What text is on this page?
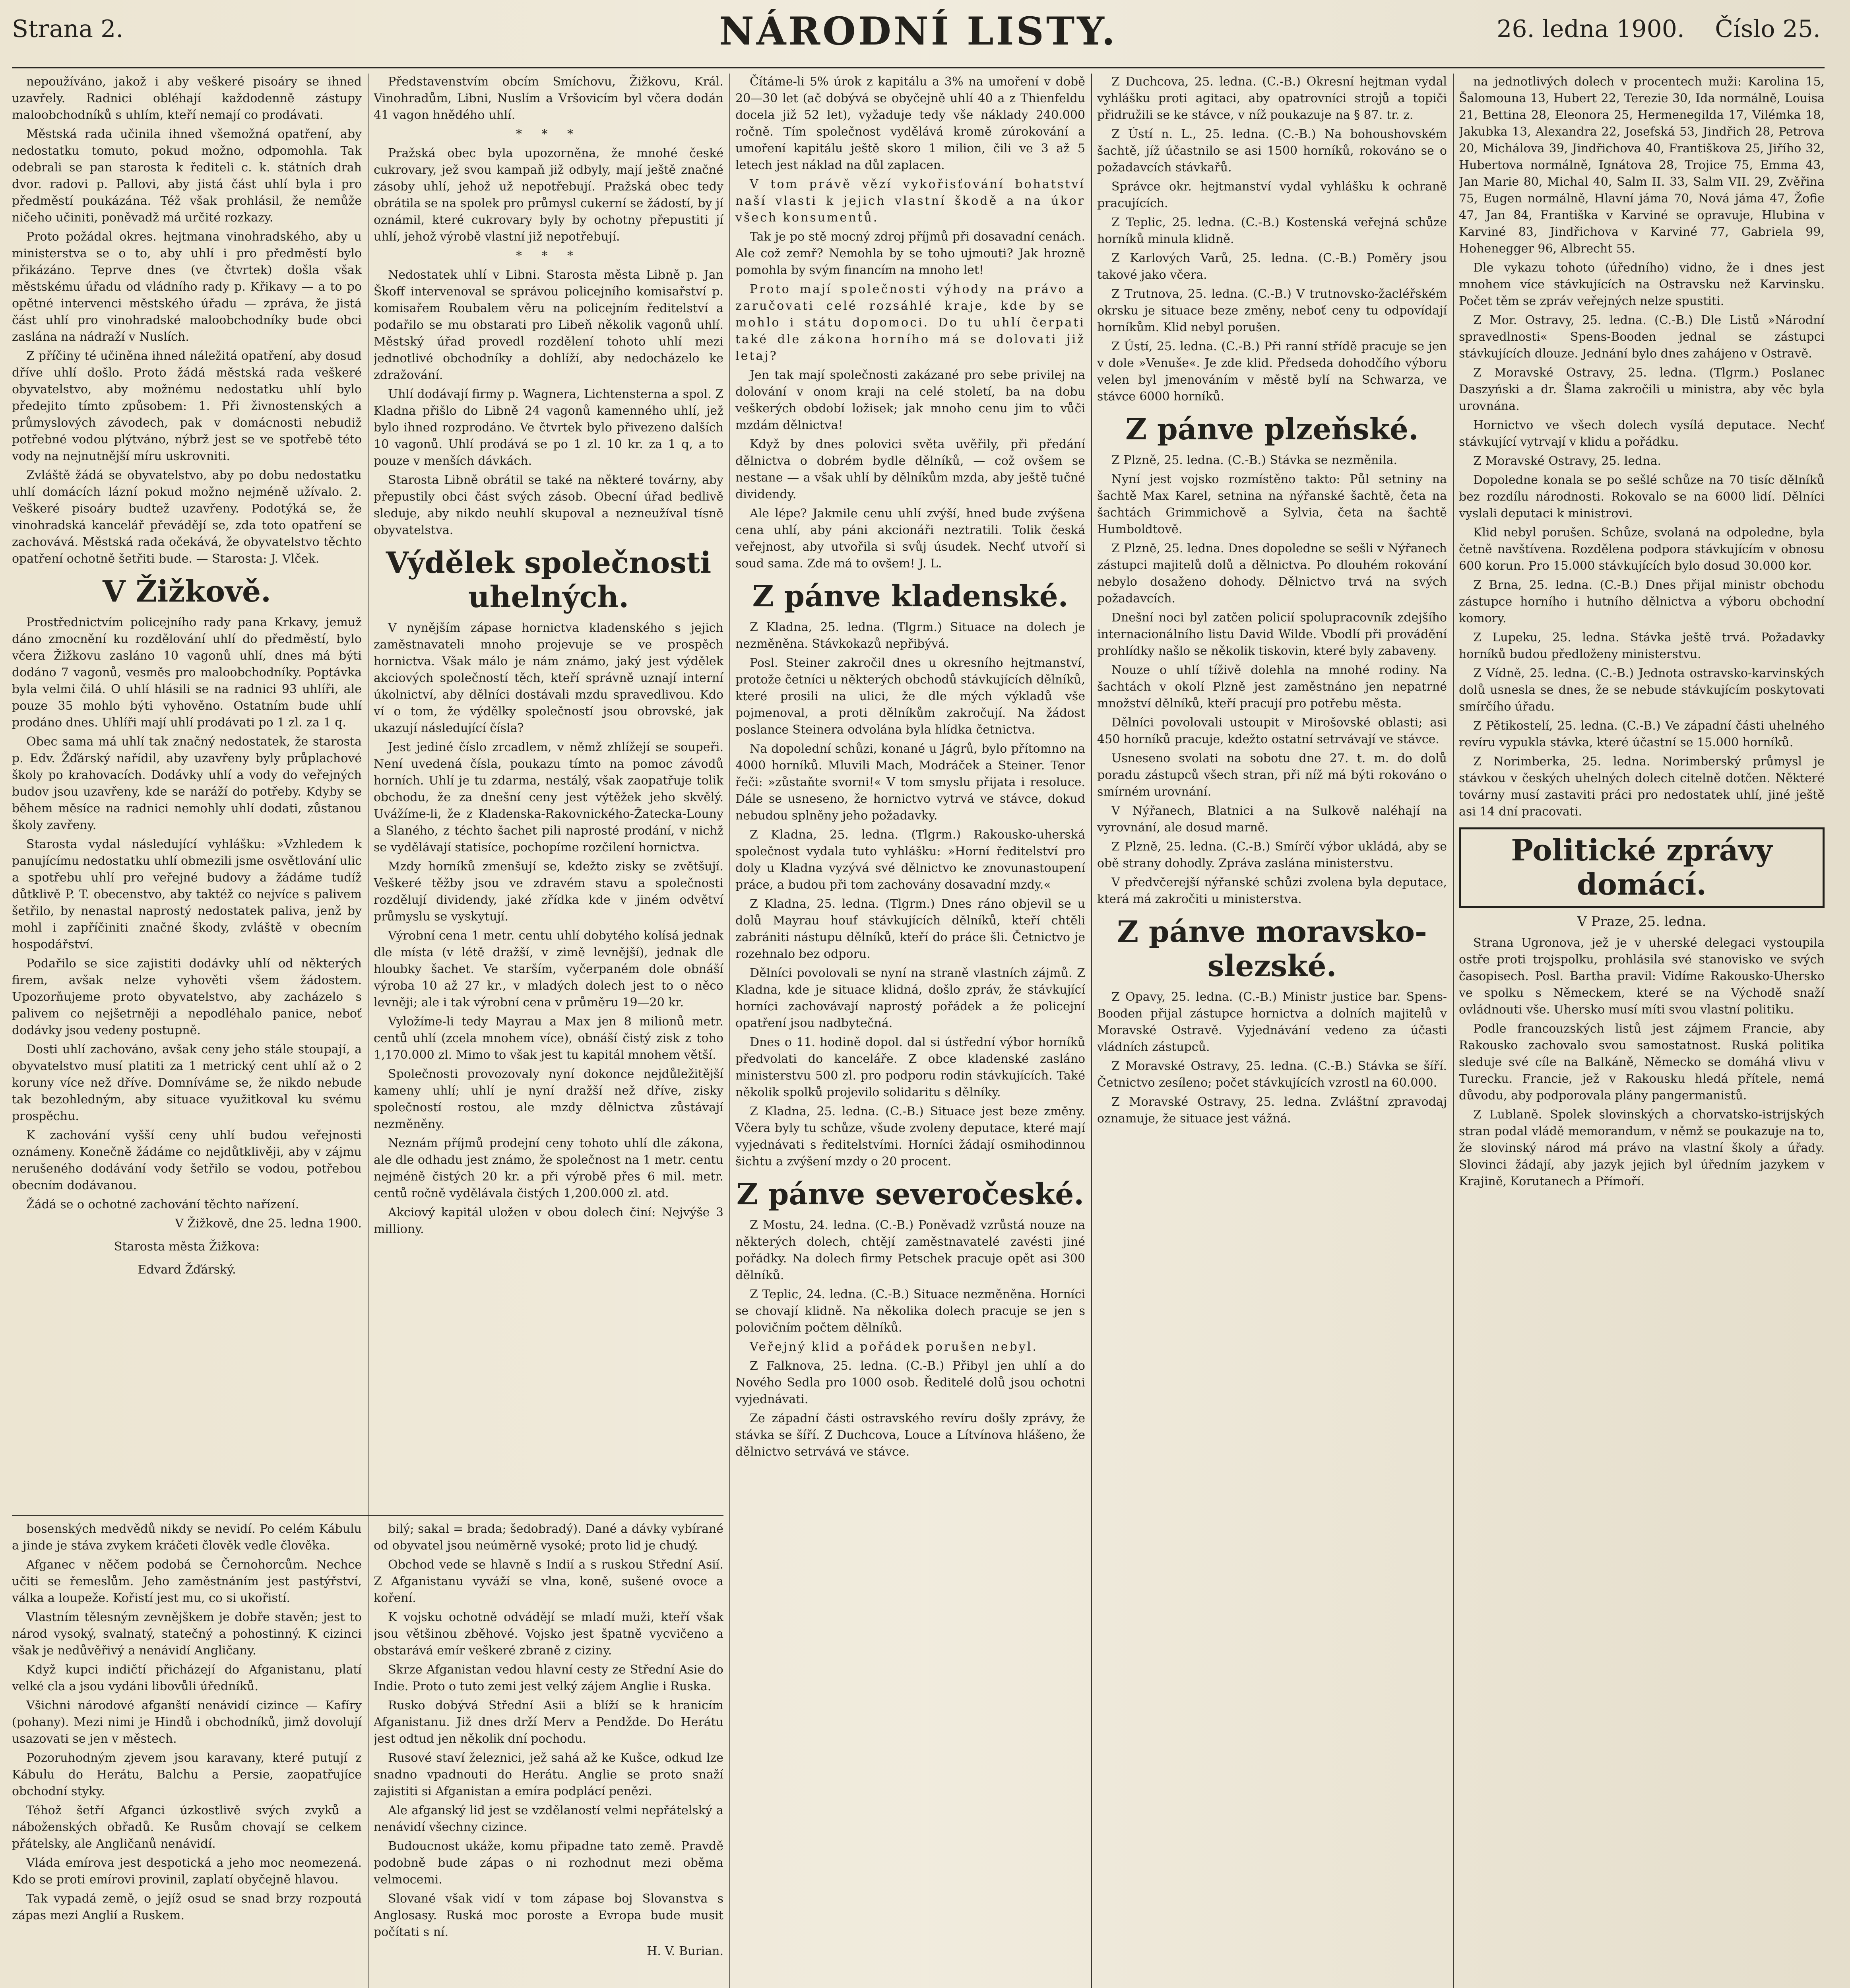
Strana 2.	NÁRODNÍ LISTY.	26. ledna 1900. Číslo 25.

nepoužíváno, jakož i aby veškeré pisoáry se ihned uzavřely. Radnici obléhají každodenně zástupy maloobchodníků s uhlím, kteří nemají co prodávati.

Městská rada učinila ihned všemožná opatření, aby nedostatku tomuto, pokud možno, odpomohla. Tak odebrali se pan starosta k řediteli c. k. státních drah dvor. radovi p. Pallovi, aby jistá část uhlí byla i pro předměstí poukázána. Též však prohlásil, že nemůže ničeho učiniti, poněvadž má určité rozkazy.

Proto požádal okres. hejtmana vinohradského, aby u ministerstva se o to, aby uhlí i pro předměstí bylo přikázáno. Teprve dnes (ve čtvrtek) došla však městskému úřadu od vládního rady p. Křikavy — a to po opětné intervenci městského úřadu — zpráva, že jistá část uhlí pro vinohradské maloobchodníky bude obci zaslána na nádraží v Nuslích.

Z příčiny té učiněna ihned náležitá opatření, aby dosud dříve uhlí došlo. Proto žádá městská rada veškeré obyvatelstvo, aby možnému nedostatku uhlí bylo předejito tímto způsobem: 1. Při živnostenských a průmyslových závodech, pak v domácnosti nebudiž potřebné vodou plýtváno, nýbrž jest se ve spotřebě této vody na nejnutnější míru uskrovniti.

Zvláště žádá se obyvatelstvo, aby po dobu nedostatku uhlí domácích lázní pokud možno nejméně užívalo. 2. Veškeré pisoáry budtež uzavřeny. Podotýká se, že vinohradská kancelář převádějí se, zda toto opatření se zachovává. Městská rada očekává, že obyvatelstvo těchto opatření ochotně šetřiti bude. — Starosta: J. Vlček.

V Žižkově.

Prostřednictvím policejního rady pana Krkavy, jemuž dáno zmocnění ku rozdělování uhlí do předměstí, bylo včera Žižkovu zasláno 10 vagonů uhlí, dnes má býti dodáno 7 vagonů, vesměs pro maloobchodníky. Poptávka byla velmi čilá. O uhlí hlásili se na radnici 93 uhlíři, ale pouze 35 mohlo býti vyhověno. Ostatním bude uhlí prodáno dnes. Uhlíři mají uhlí prodávati po 1 zl. za 1 q.

Obec sama má uhlí tak značný nedostatek, že starosta p. Edv. Žďárský nařídil, aby uzavřeny byly průplachové školy po krahovacích. Dodávky uhlí a vody do veřejných budov jsou uzavřeny, kde se naráží do potřeby. Kdyby se během měsíce na radnici nemohly uhlí dodati, zůstanou školy zavřeny.

Starosta vydal následující vyhlášku: »Vzhledem k panujícímu nedostatku uhlí obmezili jsme osvětlování ulic a spotřebu uhlí pro veřejné budovy a žádáme tudíž důtklivě P. T. obecenstvo, aby taktéž co nejvíce s palivem šetřilo, by nenastal naprostý nedostatek paliva, jenž by mohl i zapříčiniti značné škody, zvláště v obecním hospodářství.

Podařilo se sice zajistiti dodávky uhlí od některých firem, avšak nelze vyhověti všem žádostem. Upozorňujeme proto obyvatelstvo, aby zacházelo s palivem co nejšetrněji a nepodléhalo panice, neboť dodávky jsou vedeny postupně.

Dosti uhlí zachováno, avšak ceny jeho stále stoupají, a obyvatelstvo musí platiti za 1 metrický cent uhlí až o 2 koruny více než dříve. Domníváme se, že nikdo nebude tak bezohledným, aby situace využitkoval ku svému prospěchu.

K zachování vyšší ceny uhlí budou veřejnosti oznámeny. Konečně žádáme co nejdůtklivěji, aby v zájmu nerušeného dodávání vody šetřilo se vodou, potřebou obecním dodávanou.

Žádá se o ochotné zachování těchto nařízení.

V Žižkově, dne 25. ledna 1900.
Starosta města Žižkova:
Edvard Žďárský.

Představenstvím obcím Smíchovu, Žižkovu, Král. Vinohradům, Libni, Nuslím a Vršovicím byl včera dodán 41 vagon hnědého uhlí.

* * *

Pražská obec byla upozorněna, že mnohé české cukrovary, jež svou kampaň již odbyly, mají ještě značné zásoby uhlí, jehož už nepotřebují. Pražská obec tedy obrátila se na spolek pro průmysl cukerní se žádostí, by jí oznámil, které cukrovary byly by ochotny přepustiti jí uhlí, jehož výrobě vlastní již nepotřebují.

* * *

Nedostatek uhlí v Libni. Starosta města Libně p. Jan Škoff intervenoval se správou policejního komisařství p. komisařem Roubalem věru na policejním ředitelství a podařilo se mu obstarati pro Libeň několik vagonů uhlí. Městský úřad provedl rozdělení tohoto uhlí mezi jednotlivé obchodníky a dohlíží, aby nedocházelo ke zdražování.

Uhlí dodávají firmy p. Wagnera, Lichtensterna a spol. Z Kladna přišlo do Libně 24 vagonů kamenného uhlí, jež bylo ihned rozprodáno. Ve čtvrtek bylo přivezeno dalších 10 vagonů. Uhlí prodává se po 1 zl. 10 kr. za 1 q, a to pouze v menších dávkách.

Starosta Libně obrátil se také na některé továrny, aby přepustily obci část svých zásob. Obecní úřad bedlivě sleduje, aby nikdo neuhlí skupoval a nezneužíval tísně obyvatelstva.

Výdělek společnosti uhelných.

V nynějším zápase hornictva kladenského s jejich zaměstnavateli mnoho projevuje se ve prospěch hornictva. Však málo je nám známo, jaký jest výdělek akciových společností těch, kteří správně uznají interní úkolnictví, aby dělníci dostávali mzdu spravedlivou. Kdo ví o tom, že výdělky společností jsou obrovské, jak ukazují následující čísla?

Jest jediné číslo zrcadlem, v němž zhlížejí se soupeři. Není uvedená čísla, poukazu tímto na pomoc závodů horních. Uhlí je tu zdarma, nestálý, však zaopatřuje tolik obchodu, že za dnešní ceny jest výtěžek jeho skvělý. Uvážíme-li, že z Kladenska-Rakovnického-Žatecka-Louny a Slaného, z téchto šachet pili naprosté prodání, v nichž se vydělávají statisíce, pochopíme rozčilení hornictva.

Mzdy horníků zmenšují se, kdežto zisky se zvětšují. Veškeré těžby jsou ve zdravém stavu a společnosti rozdělují dividendy, jaké zřídka kde v jiném odvětví průmyslu se vyskytují.

Výrobní cena 1 metr. centu uhlí dobytého kolísá jednak dle místa (v létě dražší, v zimě levnější), jednak dle hloubky šachet. Ve starším, vyčerpaném dole obnáší výroba 10 až 27 kr., v mladých dolech jest to o něco levněji; ale i tak výrobní cena v průměru 19—20 kr.

Vyložíme-li tedy Mayrau a Max jen 8 milionů metr. centů uhlí (zcela mnohem více), obnáší čistý zisk z toho 1,170.000 zl. Mimo to však jest tu kapitál mnohem větší.

Společnosti provozovaly nyní dokonce nejdůležitější kameny uhlí; uhlí je nyní dražší než dříve, zisky společností rostou, ale mzdy dělnictva zůstávají nezměněny.

Neznám příjmů prodejní ceny tohoto uhlí dle zákona, ale dle odhadu jest známo, že společnost na 1 metr. centu nejméně čistých 20 kr. a při výrobě přes 6 mil. metr. centů ročně vydělávala čistých 1,200.000 zl. atd.

Akciový kapitál uložen v obou dolech činí: Nejvýše 3 milliony.

bosenských medvědů nikdy se nevidí. Po celém Kábulu a jinde je stáva zvykem kráčeti člověk vedle člověka.

Afganec v něčem podobá se Černohorcům. Nechce učiti se řemeslům. Jeho zaměstnáním jest pastýřství, válka a loupeže. Kořistí jest mu, co si ukořistí.

Vlastním tělesným zevnějškem je dobře stavěn; jest to národ vysoký, svalnatý, statečný a pohostinný. K cizinci však je nedůvěřivý a nenávidí Angličany.

Když kupci indičtí přicházejí do Afganistanu, platí velké cla a jsou vydáni libovůli úředníků.

Všichni národové afganští nenávidí cizince — Kafíry (pohany). Mezi nimi je Hindů i obchodníků, jimž dovolují usazovati se jen v městech.

Pozoruhodným zjevem jsou karavany, které putují z Kábulu do Herátu, Balchu a Persie, zaopatřujíce obchodní styky.

Téhož šetří Afganci úzkostlivě svých zvyků a náboženských obřadů. Ke Rusům chovají se celkem přátelsky, ale Angličanů nenávidí.

Vláda emírova jest despotická a jeho moc neomezená. Kdo se proti emírovi provinil, zaplatí obyčejně hlavou.

Tak vypadá země, o jejíž osud se snad brzy rozpoutá zápas mezi Anglií a Ruskem.

bilý; sakal = brada; šedobradý). Dané a dávky vybírané od obyvatel jsou neúměrně vysoké; proto lid je chudý.

Obchod vede se hlavně s Indií a s ruskou Střední Asií. Z Afganistanu vyváží se vlna, koně, sušené ovoce a koření.

K vojsku ochotně odvádějí se mladí muži, kteří však jsou většinou zběhové. Vojsko jest špatně vycvičeno a obstarává emír veškeré zbraně z ciziny.

Skrze Afganistan vedou hlavní cesty ze Střední Asie do Indie. Proto o tuto zemi jest velký zájem Anglie i Ruska.

Rusko dobývá Střední Asii a blíží se k hranicím Afganistanu. Již dnes drží Merv a Pendžde. Do Herátu jest odtud jen několik dní pochodu.

Rusové staví železnici, jež sahá až ke Kušce, odkud lze snadno vpadnouti do Herátu. Anglie se proto snaží zajistiti si Afganistan a emíra podplácí penězi.

Ale afganský lid jest se vzdělaností velmi nepřátelský a nenávidí všechny cizince.

Budoucnost ukáže, komu připadne tato země. Pravdě podobně bude zápas o ni rozhodnut mezi oběma velmocemi.

Slované však vidí v tom zápase boj Slovanstva s Anglosasy. Ruská moc poroste a Evropa bude musit počítati s ní.

H. V. Burian.

Čítáme-li 5% úrok z kapitálu a 3% na umoření v době 20—30 let (ač dobývá se obyčejně uhlí 40 a z Thienfeldu docela již 52 let), vyžaduje tedy vše náklady 240.000 ročně. Tím společnost vydělává kromě zúrokování a umoření kapitálu ještě skoro 1 milion, čili ve 3 až 5 letech jest náklad na důl zaplacen.

V tom právě vězí vykořisťování bohatství naší vlasti k jejich vlastní škodě a na úkor všech konsumentů.

Tak je po stě mocný zdroj příjmů při dosavadní cenách. Ale což zemř? Nemohla by se toho ujmouti? Jak hrozně pomohla by svým financím na mnoho let!

Proto mají společnosti výhody na právo a zaručovati celé rozsáhlé kraje, kde by se mohlo i státu dopomoci. Do tu uhlí čerpati také dle zákona horního má se dolovati již letaj?

Jen tak mají společnosti zakázané pro sebe privilej na dolování v onom kraji na celé století, ba na dobu veškerých období ložisek; jak mnoho cenu jim to vůči mzdám dělnictva!

Když by dnes polovici světa uvěřily, při předání dělnictva o dobrém bydle dělníků, — což ovšem se nestane — a však uhlí by dělníkům mzda, aby ještě tučné dividendy.

Ale lépe? Jakmile cenu uhlí zvýší, hned bude zvýšena cena uhlí, aby páni akcionáři neztratili. Tolik česká veřejnost, aby utvořila si svůj úsudek. Nechť utvoří si soud sama. Zde má to ovšem! J. L.

Z pánve kladenské.

Z Kladna, 25. ledna. (Tlgrm.) Situace na dolech je nezměněna. Stávkokazů nepřibývá.

Posl. Steiner zakročil dnes u okresního hejtmanství, protože četníci u některých obchodů stávkujících dělníků, které prosili na ulici, že dle mých výkladů vše pojmenoval, a proti dělníkům zakročují. Na žádost poslance Steinera odvolána byla hlídka četnictva.

Na dopolední schůzi, konané u Jágrů, bylo přítomno na 4000 horníků. Mluvili Mach, Modráček a Steiner. Tenor řeči: »zůstaňte svorni!« V tom smyslu přijata i resoluce. Dále se usneseno, že hornictvo vytrvá ve stávce, dokud nebudou splněny jeho požadavky.

Z Kladna, 25. ledna. (Tlgrm.) Rakousko-uherská společnost vydala tuto vyhlášku: »Horní ředitelství pro doly u Kladna vyzývá své dělnictvo ke znovunastoupení práce, a budou při tom zachovány dosavadní mzdy.«

Z Kladna, 25. ledna. (Tlgrm.) Dnes ráno objevil se u dolů Mayrau houf stávkujících dělníků, kteří chtěli zabrániti nástupu dělníků, kteří do práce šli. Četnictvo je rozehnalo bez odporu.

Dělníci povolovali se nyní na straně vlastních zájmů. Z Kladna, kde je situace klidná, došlo zpráv, že stávkující horníci zachovávají naprostý pořádek a že policejní opatření jsou nadbytečná.

Dnes o 11. hodině dopol. dal si ústřední výbor horníků předvolati do kanceláře. Z obce kladenské zasláno ministerstvu 500 zl. pro podporu rodin stávkujících. Také několik spolků projevilo solidaritu s dělníky.

Z Kladna, 25. ledna. (C.-B.) Situace jest beze změny. Včera byly tu schůze, všude zvoleny deputace, které mají vyjednávati s ředitelstvími. Horníci žádají osmihodinnou šichtu a zvýšení mzdy o 20 procent.

Z pánve severočeské.

Z Mostu, 24. ledna. (C.-B.) Poněvadž vzrůstá nouze na některých dolech, chtějí zaměstnavatelé zavésti jiné pořádky. Na dolech firmy Petschek pracuje opět asi 300 dělníků.

Z Teplic, 24. ledna. (C.-B.) Situace nezměněna. Horníci se chovají klidně. Na několika dolech pracuje se jen s polovičním počtem dělníků.

Veřejný klid a pořádek porušen nebyl.

Z Falknova, 25. ledna. (C.-B.) Přibyl jen uhlí a do Nového Sedla pro 1000 osob. Ředitelé dolů jsou ochotni vyjednávati.

Ze západní části ostravského revíru došly zprávy, že stávka se šíří. Z Duchcova, Louce a Lítvínova hlášeno, že dělnictvo setrvává ve stávce.

Z Duchcova, 25. ledna. (C.-B.) Okresní hejtman vydal vyhlášku proti agitaci, aby opatrovníci strojů a topiči přidružili se ke stávce, v níž poukazuje na § 87. tr. z.

Z Ústí n. L., 25. ledna. (C.-B.) Na bohoushovském šachtě, jíž účastnilo se asi 1500 horníků, rokováno se o požadavcích stávkařů.

Správce okr. hejtmanství vydal vyhlášku k ochraně pracujících.

Z Teplic, 25. ledna. (C.-B.) Kostenská veřejná schůze horníků minula klidně.

Z Karlových Varů, 25. ledna. (C.-B.) Poměry jsou takové jako včera.

Z Trutnova, 25. ledna. (C.-B.) V trutnovsko-žacléřském okrsku je situace beze změny, neboť ceny tu odpovídají horníkům. Klid nebyl porušen.

Z Ústí, 25. ledna. (C.-B.) Při ranní střídě pracuje se jen v dole »Venuše«. Je zde klid. Předseda dohodčího výboru velen byl jmenováním v městě bylí na Schwarza, ve stávce 6000 horníků.

Z pánve plzeňské.

Z Plzně, 25. ledna. (C.-B.) Stávka se nezměnila.

Nyní jest vojsko rozmístěno takto: Půl setniny na šachtě Max Karel, setnina na nýřanské šachtě, četa na šachtách Grimmichově a Sylvia, četa na šachtě Humboldtově.

Z Plzně, 25. ledna. Dnes dopoledne se sešli v Nýřanech zástupci majitelů dolů a dělnictva. Po dlouhém rokování nebylo dosaženo dohody. Dělnictvo trvá na svých požadavcích.

Dnešní noci byl zatčen policií spolupracovník zdejšího internacionálního listu David Wilde. Vbodlí při provádění prohlídky našlo se několik tiskovin, které byly zabaveny.

Nouze o uhlí tíživě dolehla na mnohé rodiny. Na šachtách v okolí Plzně jest zaměstnáno jen nepatrné množství dělníků, kteří pracují pro potřebu města.

Dělníci povolovali ustoupit v Mirošovské oblasti; asi 450 horníků pracuje, kdežto ostatní setrvávají ve stávce.

Usneseno svolati na sobotu dne 27. t. m. do dolů poradu zástupců všech stran, při níž má býti rokováno o smírném urovnání.

V Nýřanech, Blatnici a na Sulkově naléhají na vyrovnání, ale dosud marně.

Z Plzně, 25. ledna. (C.-B.) Smírčí výbor ukládá, aby se obě strany dohodly. Zpráva zaslána ministerstvu.

V předvčerejší nýřanské schůzi zvolena byla deputace, která má zakročiti u ministerstva.

Z pánve moravsko-slezské.

Z Opavy, 25. ledna. (C.-B.) Ministr justice bar. Spens-Booden přijal zástupce hornictva a dolních majitelů v Moravské Ostravě. Vyjednávání vedeno za účasti vládních zástupců.

Z Moravské Ostravy, 25. ledna. (C.-B.) Stávka se šíří. Četnictvo zesíleno; počet stávkujících vzrostl na 60.000.

Z Moravské Ostravy, 25. ledna. Zvláštní zpravodaj oznamuje, že situace jest vážná.

na jednotlivých dolech v procentech muži: Karolina 15, Šalomouna 13, Hubert 22, Terezie 30, Ida normálně, Louisa 21, Bettina 28, Eleonora 25, Hermenegilda 17, Vilémka 18, Jakubka 13, Alexandra 22, Josefská 53, Jindřich 28, Petrova 20, Michálova 39, Jindřichova 40, Františkova 25, Jiřího 32, Hubertova normálně, Ignátova 28, Trojice 75, Emma 43, Jan Marie 80, Michal 40, Salm II. 33, Salm VII. 29, Zvěřina 75, Eugen normálně, Hlavní jáma 70, Nová jáma 47, Žofie 47, Jan 84, Františka v Karviné se opravuje, Hlubina v Karviné 83, Jindřichova v Karviné 77, Gabriela 99, Hohenegger 96, Albrecht 55.

Dle vykazu tohoto (úředního) vidno, že i dnes jest mnohem více stávkujících na Ostravsku než Karvinsku. Počet těm se zpráv veřejných nelze spustiti.

Z Mor. Ostravy, 25. ledna. (C.-B.) Dle Listů »Národní spravedlnosti« Spens-Booden jednal se zástupci stávkujících dlouze. Jednání bylo dnes zahájeno v Ostravě.

Z Moravské Ostravy, 25. ledna. (Tlgrm.) Poslanec Daszyński a dr. Šlama zakročili u ministra, aby věc byla urovnána.

Hornictvo ve všech dolech vysílá deputace. Nechť stávkující vytrvají v klidu a pořádku.

Z Moravské Ostravy, 25. ledna.

Dopoledne konala se po sešlé schůze na 70 tisíc dělníků bez rozdílu národnosti. Rokovalo se na 6000 lidí. Dělníci vyslali deputaci k ministrovi.

Klid nebyl porušen. Schůze, svolaná na odpoledne, byla četně navštívena. Rozdělena podpora stávkujícím v obnosu 600 korun. Pro 15.000 stávkujících bylo dosud 30.000 kor.

Z Brna, 25. ledna. (C.-B.) Dnes přijal ministr obchodu zástupce horního i hutního dělnictva a výboru obchodní komory.

Z Lupeku, 25. ledna. Stávka ještě trvá. Požadavky horníků budou předloženy ministerstvu.

Z Vídně, 25. ledna. (C.-B.) Jednota ostravsko-karvinských dolů usnesla se dnes, že se nebude stávkujícím poskytovati smírčího úřadu.

Z Pětikostelí, 25. ledna. (C.-B.) Ve západní části uhelného revíru vypukla stávka, které účastní se 15.000 horníků.

Z Norimberka, 25. ledna. Norimberský průmysl je stávkou v českých uhelných dolech citelně dotčen. Některé továrny musí zastaviti práci pro nedostatek uhlí, jiné ještě asi 14 dní pracovati.

Politické zprávy domácí.
V Praze, 25. ledna.

Strana Ugronova, jež je v uherské delegaci vystoupila ostře proti trojspolku, prohlásila své stanovisko ve svých časopisech. Posl. Bartha pravil: Vidíme Rakousko-Uhersko ve spolku s Německem, které se na Východě snaží ovládnouti vše. Uhersko musí míti svou vlastní politiku.

Podle francouzských listů jest zájmem Francie, aby Rakousko zachovalo svou samostatnost. Ruská politika sleduje své cíle na Balkáně, Německo se domáhá vlivu v Turecku. Francie, jež v Rakousku hledá přítele, nemá důvodu, aby podporovala plány pangermanistů.

Z Lublaně. Spolek slovinských a chorvatsko-istrijských stran podal vládě memorandum, v němž se poukazuje na to, že slovinský národ má právo na vlastní školy a úřady. Slovinci žádají, aby jazyk jejich byl úředním jazykem v Krajině, Korutanech a Přímoří.
